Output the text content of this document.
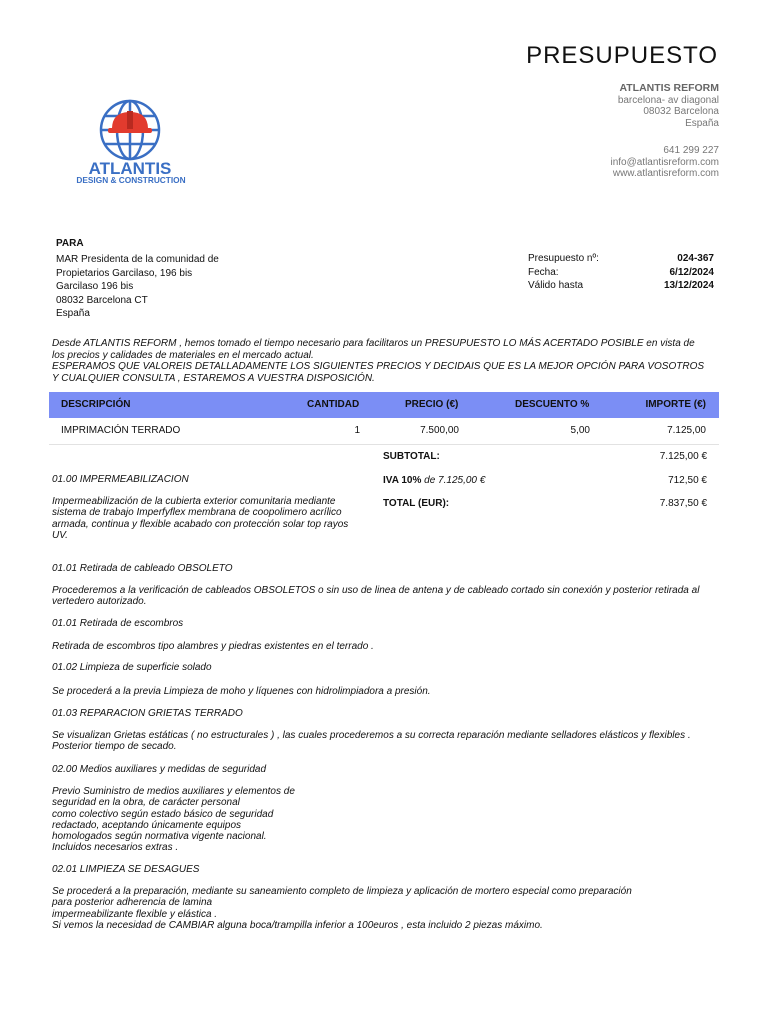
PRESUPUESTO
ATLANTIS REFORM
barcelona- av diagonal
08032 Barcelona
España
641 299 227
info@atlantisreform.com
www.atlantisreform.com
ATLANTIS
DESIGN & CONSTRUCTION
PARA
MAR Presidenta de la comunidad de
Propietarios Garcilaso, 196 bis
Garcilaso 196 bis
08032 Barcelona CT
España
Presupuesto nº:	024-367
Fecha:	6/12/2024
Válido hasta	13/12/2024
Desde ATLANTIS REFORM , hemos tomado el tiempo necesario para facilitaros un PRESUPUESTO LO MÁS ACERTADO POSIBLE en vista de
los precios y calidades de materiales en el mercado actual.
ESPERAMOS QUE VALOREIS DETALLADAMENTE LOS SIGUIENTES PRECIOS Y DECIDAIS QUE ES LA MEJOR OPCIÓN PARA VOSOTROS
Y CUALQUIER CONSULTA , ESTAREMOS A VUESTRA DISPOSICIÓN.
DESCRIPCIÓN	CANTIDAD	PRECIO (€)	DESCUENTO %	IMPORTE (€)
IMPRIMACIÓN TERRADO	1	7.500,00	5,00	7.125,00
SUBTOTAL:	7.125,00 €
IVA 10% de 7.125,00 €	712,50 €
TOTAL (EUR):	7.837,50 €
01.00 IMPERMEABILIZACION
Impermeabilización de la cubierta exterior comunitaria mediante
sistema de trabajo Imperfyflex membrana de coopolimero acrílico
armada, continua y flexible acabado con protección solar top rayos
UV.
01.01 Retirada de cableado OBSOLETO
Procederemos a la verificación de cableados OBSOLETOS o sin uso de linea de antena y de cableado cortado sin conexión y posterior retirada al
vertedero autorizado.
01.01 Retirada de escombros
Retirada de escombros tipo alambres y piedras existentes en el terrado .
01.02 Limpieza de superficie solado
Se procederá a la previa Limpieza de moho y líquenes con hidrolimpiadora a presión.
01.03 REPARACION GRIETAS TERRADO
Se visualizan Grietas estáticas ( no estructurales ) , las cuales procederemos a su correcta reparación mediante selladores elásticos y flexibles .
Posterior tiempo de secado.
02.00 Medios auxiliares y medidas de seguridad
Previo Suministro de medios auxiliares y elementos de
seguridad en la obra, de carácter personal
como colectivo según estado básico de seguridad
redactado, aceptando únicamente equipos
homologados según normativa vigente nacional.
Incluidos necesarios extras .
02.01 LIMPIEZA SE DESAGUES
Se procederá a la preparación, mediante su saneamiento completo de limpieza y aplicación de mortero especial como preparación
para posterior adherencia de lamina
impermeabilizante flexible y elástica .
Si vemos la necesidad de CAMBIAR alguna boca/trampilla inferior a 100euros , esta incluido 2 piezas máximo.
